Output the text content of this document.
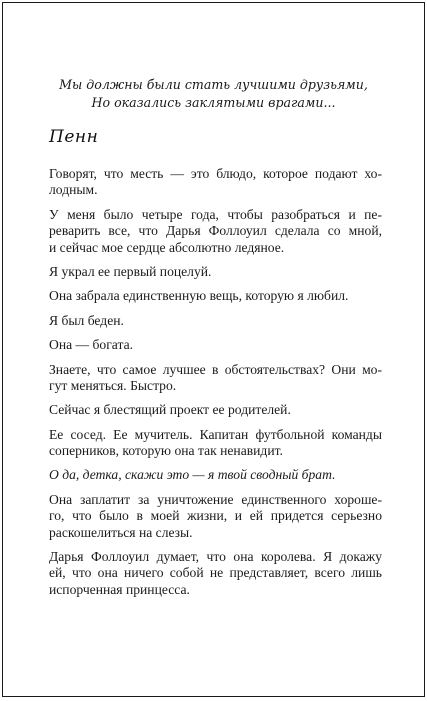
Мы должны были стать лучшими друзьями,
Но оказались заклятыми врагами...
Пенн
Говорят, что месть — это блюдо, которое подают хо-
лодным.
У меня было четыре года, чтобы разобраться и пе-
реварить все, что Дарья Фоллоуил сделала со мной,
и сейчас мое сердце абсолютно ледяное.
Я украл ее первый поцелуй.
Она забрала единственную вещь, которую я любил.
Я был беден.
Она — богата.
Знаете, что самое лучшее в обстоятельствах? Они мо-
гут меняться. Быстро.
Сейчас я блестящий проект ее родителей.
Ее сосед. Ее мучитель. Капитан футбольной команды
соперников, которую она так ненавидит.
О да, детка, скажи это — я твой сводный брат.
Она заплатит за уничтожение единственного хороше-
го, что было в моей жизни, и ей придется серьезно
раскошелиться на слезы.
Дарья Фоллоуил думает, что она королева. Я докажу
ей, что она ничего собой не представляет, всего лишь
испорченная принцесса.
